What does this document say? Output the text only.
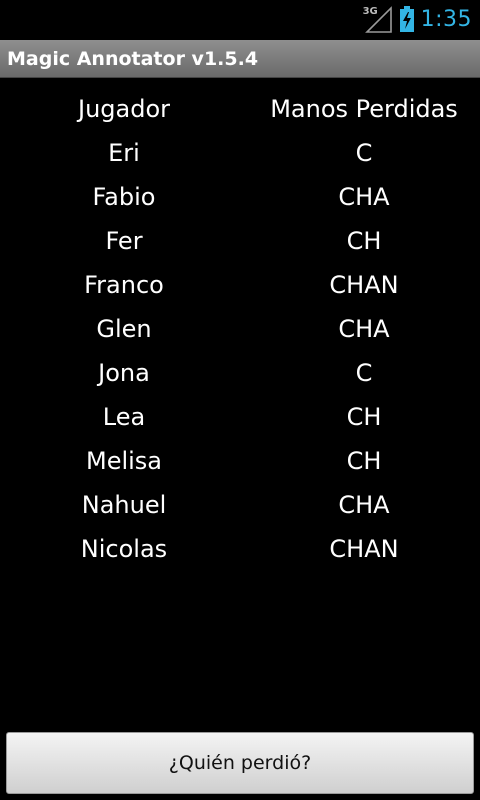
3G 1:35
Magic Annotator v1.5.4
Jugador	Manos Perdidas
Eri	C
Fabio	CHA
Fer	CH
Franco	CHAN
Glen	CHA
Jona	C
Lea	CH
Melisa	CH
Nahuel	CHA
Nicolas	CHAN
¿Quién perdió?
